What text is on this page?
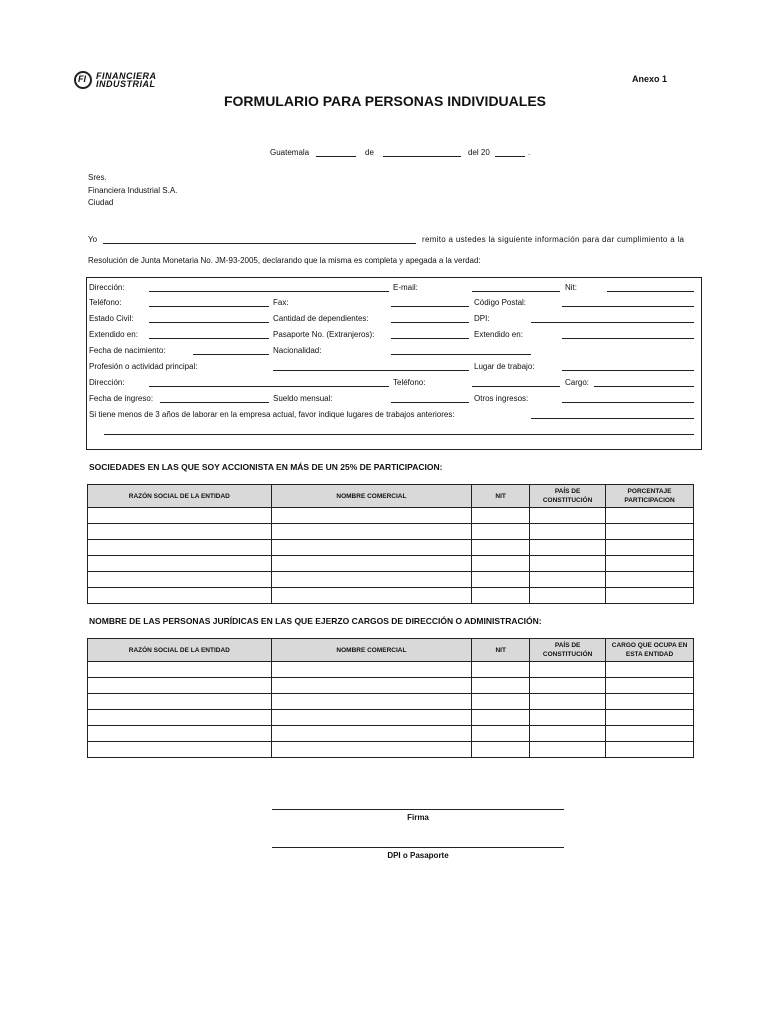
FI FINANCIERA
INDUSTRIAL	Anexo 1
FORMULARIO PARA PERSONAS INDIVIDUALES
Guatemala	de	del 20	.
Sres.
Financiera Industrial S.A.
Ciudad
Yo	remito a ustedes la siguiente información para dar cumplimiento a la
Resolución de Junta Monetaria No. JM-93-2005, declarando que la misma es completa y apegada a la verdad:
Dirección:	E-mail:	Nit:
Teléfono:	Fax:	Código Postal:
Estado Civil:	Cantidad de dependientes:	DPI:
Extendido en:	Pasaporte No. (Extranjeros):	Extendido en:
Fecha de nacimiento:	Nacionalidad:
Profesión o actividad principal:	Lugar de trabajo:
Dirección:	Teléfono:	Cargo:
Fecha de ingreso:	Sueldo mensual:	Otros ingresos:
Si tiene menos de 3 años de laborar en la empresa actual, favor indique lugares de trabajos anteriores:
SOCIEDADES EN LAS QUE SOY ACCIONISTA EN MÁS DE UN 25% DE PARTICIPACION:
RAZÓN SOCIAL DE LA ENTIDAD	NOMBRE COMERCIAL	NIT	PAÍS DE CONSTITUCIÓN	PORCENTAJE PARTICIPACION

NOMBRE DE LAS PERSONAS JURÍDICAS EN LAS QUE EJERZO CARGOS DE DIRECCIÓN O ADMINISTRACIÓN:
RAZÓN SOCIAL DE LA ENTIDAD	NOMBRE COMERCIAL	NIT	PAÍS DE CONSTITUCIÓN	CARGO QUE OCUPA EN ESTA ENTIDAD

Firma
DPI o Pasaporte
